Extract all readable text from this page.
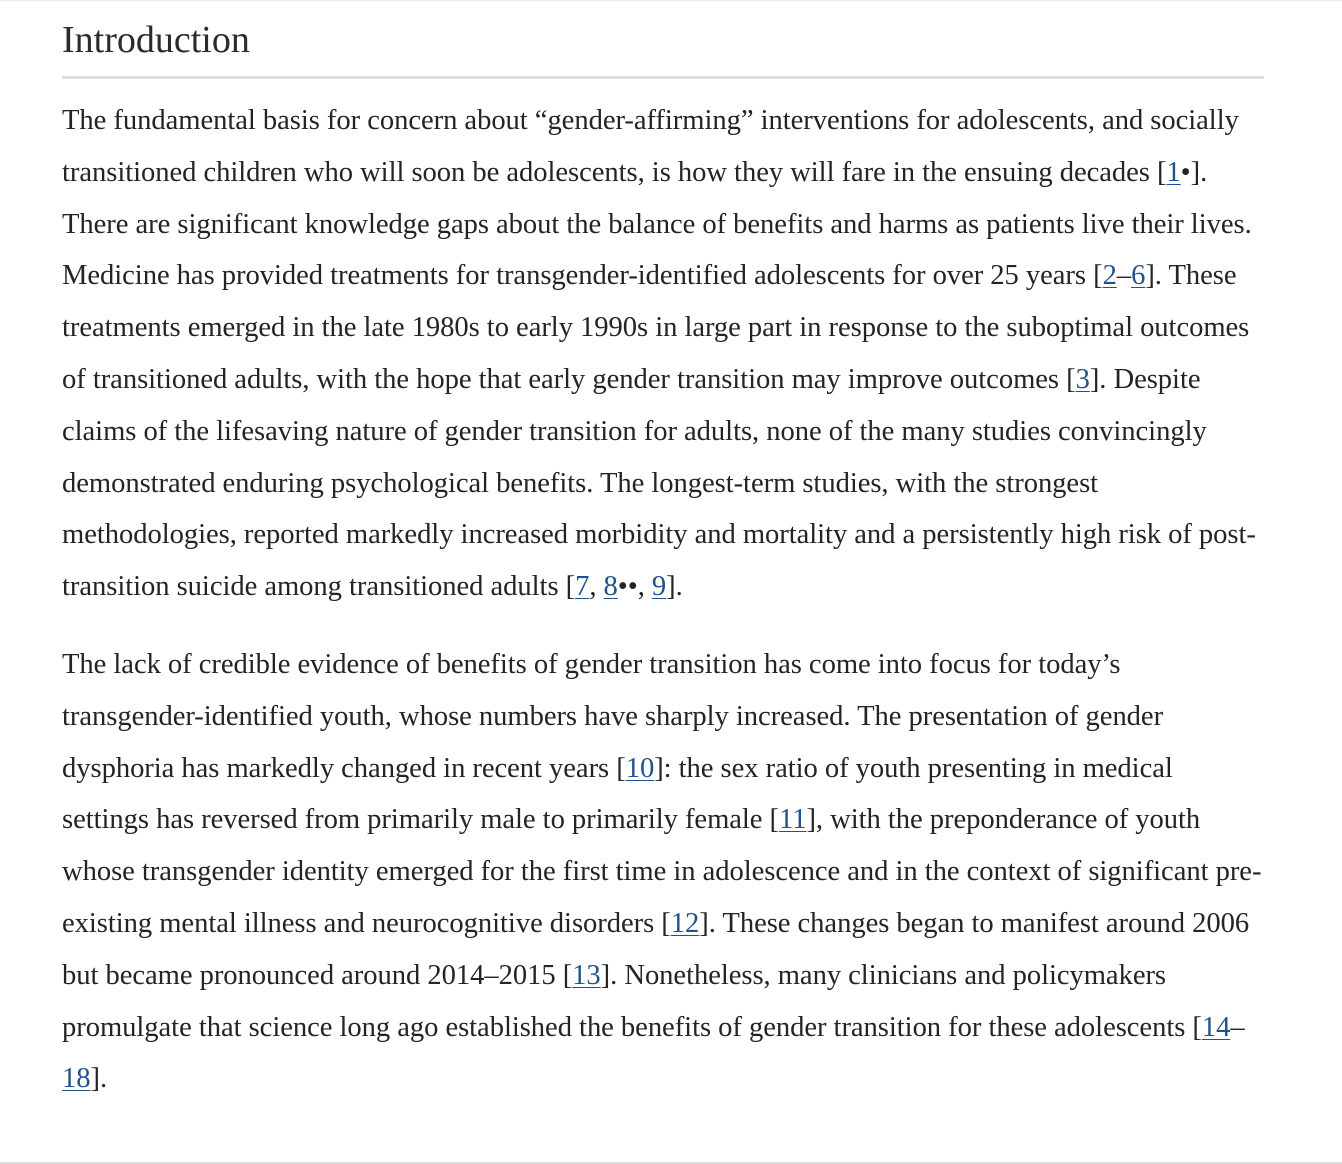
Introduction

The fundamental basis for concern about “gender-affirming” interventions for adolescents, and socially transitioned children who will soon be adolescents, is how they will fare in the ensuing decades [1•]. There are significant knowledge gaps about the balance of benefits and harms as patients live their lives. Medicine has provided treatments for transgender-identified adolescents for over 25 years [2–6]. These treatments emerged in the late 1980s to early 1990s in large part in response to the suboptimal outcomes of transitioned adults, with the hope that early gender transition may improve outcomes [3]. Despite claims of the lifesaving nature of gender transition for adults, none of the many studies convincingly demonstrated enduring psychological benefits. The longest-term studies, with the strongest methodologies, reported markedly increased morbidity and mortality and a persistently high risk of post-transition suicide among transitioned adults [7, 8••, 9].

The lack of credible evidence of benefits of gender transition has come into focus for today’s transgender-identified youth, whose numbers have sharply increased. The presentation of gender dysphoria has markedly changed in recent years [10]: the sex ratio of youth presenting in medical settings has reversed from primarily male to primarily female [11], with the preponderance of youth whose transgender identity emerged for the first time in adolescence and in the context of significant pre-existing mental illness and neurocognitive disorders [12]. These changes began to manifest around 2006 but became pronounced around 2014–2015 [13]. Nonetheless, many clinicians and policymakers promulgate that science long ago established the benefits of gender transition for these adolescents [14–18].
